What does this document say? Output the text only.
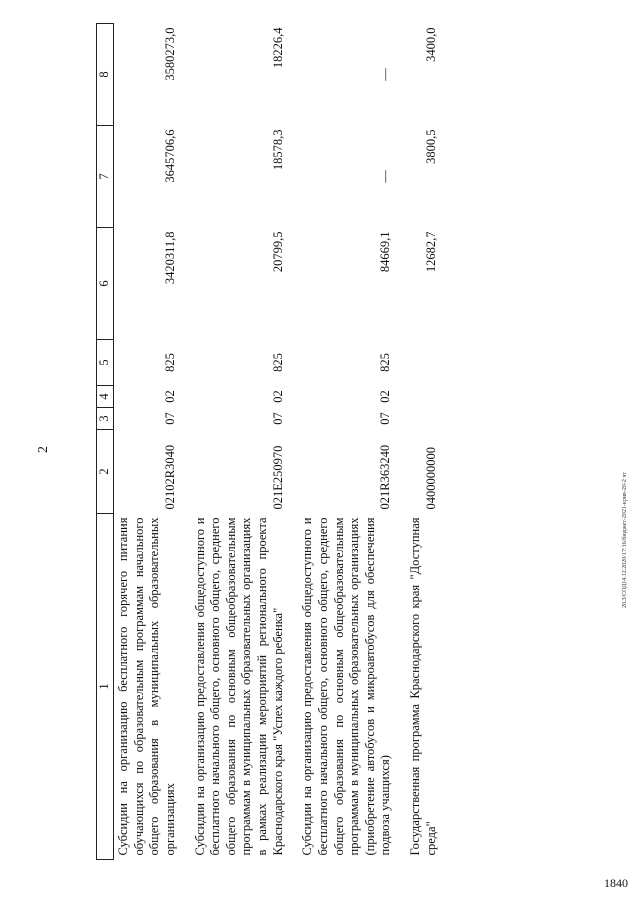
2
20.3/СОД14.12.2020/17:16/бюджет-2021-крив-20-2 чт
1840
1	2	3	4	5	6	7	8
Субсидии на организацию бесплатного горячего питания обучающихся по образовательным программам начального общего образования в муниципальных образовательных организациях	02102R3040	07	02	825	3420311,8	3645706,6	3580273,0

Субсидии на организацию предоставления общедоступного и бесплатного начального общего, основного общего, среднего общего образования по основным общеобразовательным программам в муниципальных образовательных организациях в рамках реализации мероприятий регионального проекта Краснодарского края "Успех каждого ребенка"	021E250970	07	02	825	20799,5	18578,3	18226,4

Субсидии на организацию предоставления общедоступного и бесплатного начального общего, основного общего, среднего общего образования по основным общеобразовательным программам в муниципальных образовательных организациях (приобретение автобусов и микроавтобусов для обеспечения подвоза учащихся)	021R363240	07	02	825	84669,1	—	—

Государственная программа Краснодарского края "Доступная среда"	0400000000				12682,7	3800,5	3400,0
